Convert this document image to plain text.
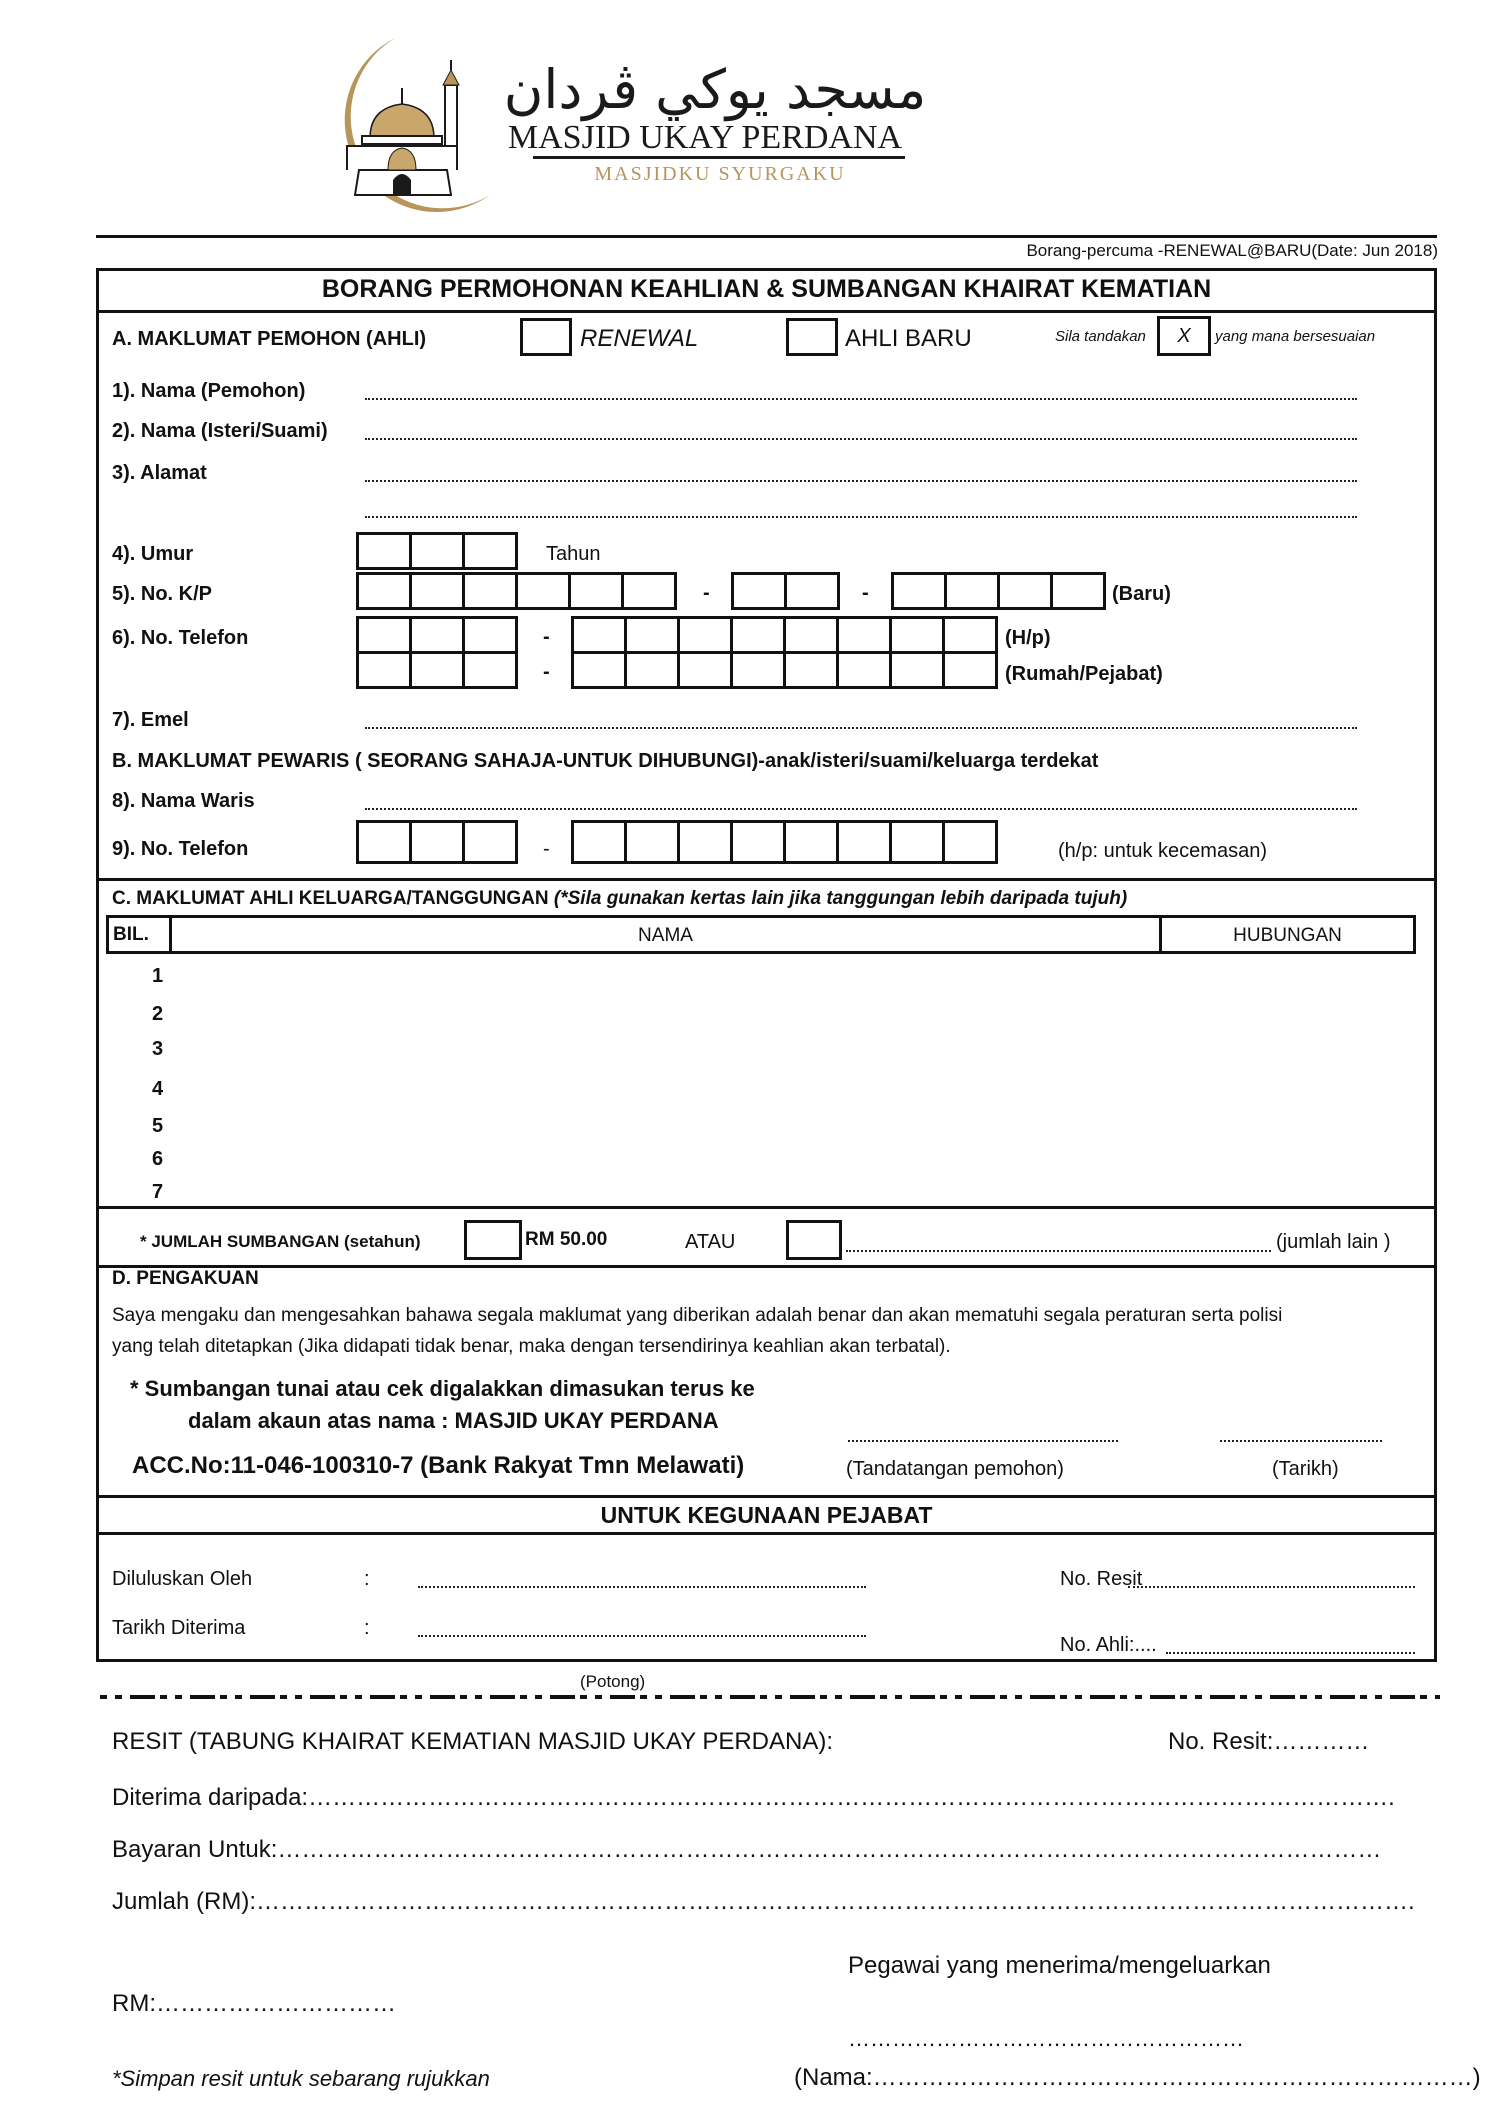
مسجد يوكي ڤردان
MASJID UKAY PERDANA
MASJIDKU SYURGAKU
Borang-percuma -RENEWAL@BARU(Date: Jun 2018)
BORANG PERMOHONAN KEAHLIAN & SUMBANGAN KHAIRAT KEMATIAN
A. MAKLUMAT PEMOHON (AHLI)	RENEWAL	AHLI BARU	Sila tandakan X yang mana bersesuaian
1). Nama (Pemohon)
2). Nama (Isteri/Suami)
3). Alamat
4). Umur	Tahun
5). No. K/P	-	-	(Baru)
6). No. Telefon	-	(H/p)
-	(Rumah/Pejabat)
7). Emel
B. MAKLUMAT PEWARIS ( SEORANG SAHAJA-UNTUK DIHUBUNGI)-anak/isteri/suami/keluarga terdekat
8). Nama Waris
9). No. Telefon	-	(h/p: untuk kecemasan)
C. MAKLUMAT AHLI KELUARGA/TANGGUNGAN (*Sila gunakan kertas lain jika tanggungan lebih daripada tujuh)
BIL.	NAMA	HUBUNGAN
1
2
3
4
5
6
7
* JUMLAH SUMBANGAN (setahun)	RM 50.00	ATAU	(jumlah lain )
D. PENGAKUAN
Saya mengaku dan mengesahkan bahawa segala maklumat yang diberikan adalah benar dan akan mematuhi segala peraturan serta polisi
yang telah ditetapkan (Jika didapati tidak benar, maka dengan tersendirinya keahlian akan terbatal).
* Sumbangan tunai atau cek digalakkan dimasukan terus ke
dalam akaun atas nama : MASJID UKAY PERDANA
ACC.No:11-046-100310-7 (Bank Rakyat Tmn Melawati)	(Tandatangan pemohon)	(Tarikh)
UNTUK KEGUNAAN PEJABAT
Diluluskan Oleh	:	No. Resit
Tarikh Diterima	:
No. Ahli:....
(Potong)
RESIT (TABUNG KHAIRAT KEMATIAN MASJID UKAY PERDANA):	No. Resit:…………
Diterima daripada:……………………………………………………………………………………………………………………….
Bayaran Untuk:…………………………………………………………………………………………………………………………
Jumlah (RM):……………………………………………………………………………………………………………………………….
Pegawai yang menerima/mengeluarkan
RM:…………………………
………………………………………………
*Simpan resit untuk sebarang rujukkan	(Nama:…………………………………………………………………)
